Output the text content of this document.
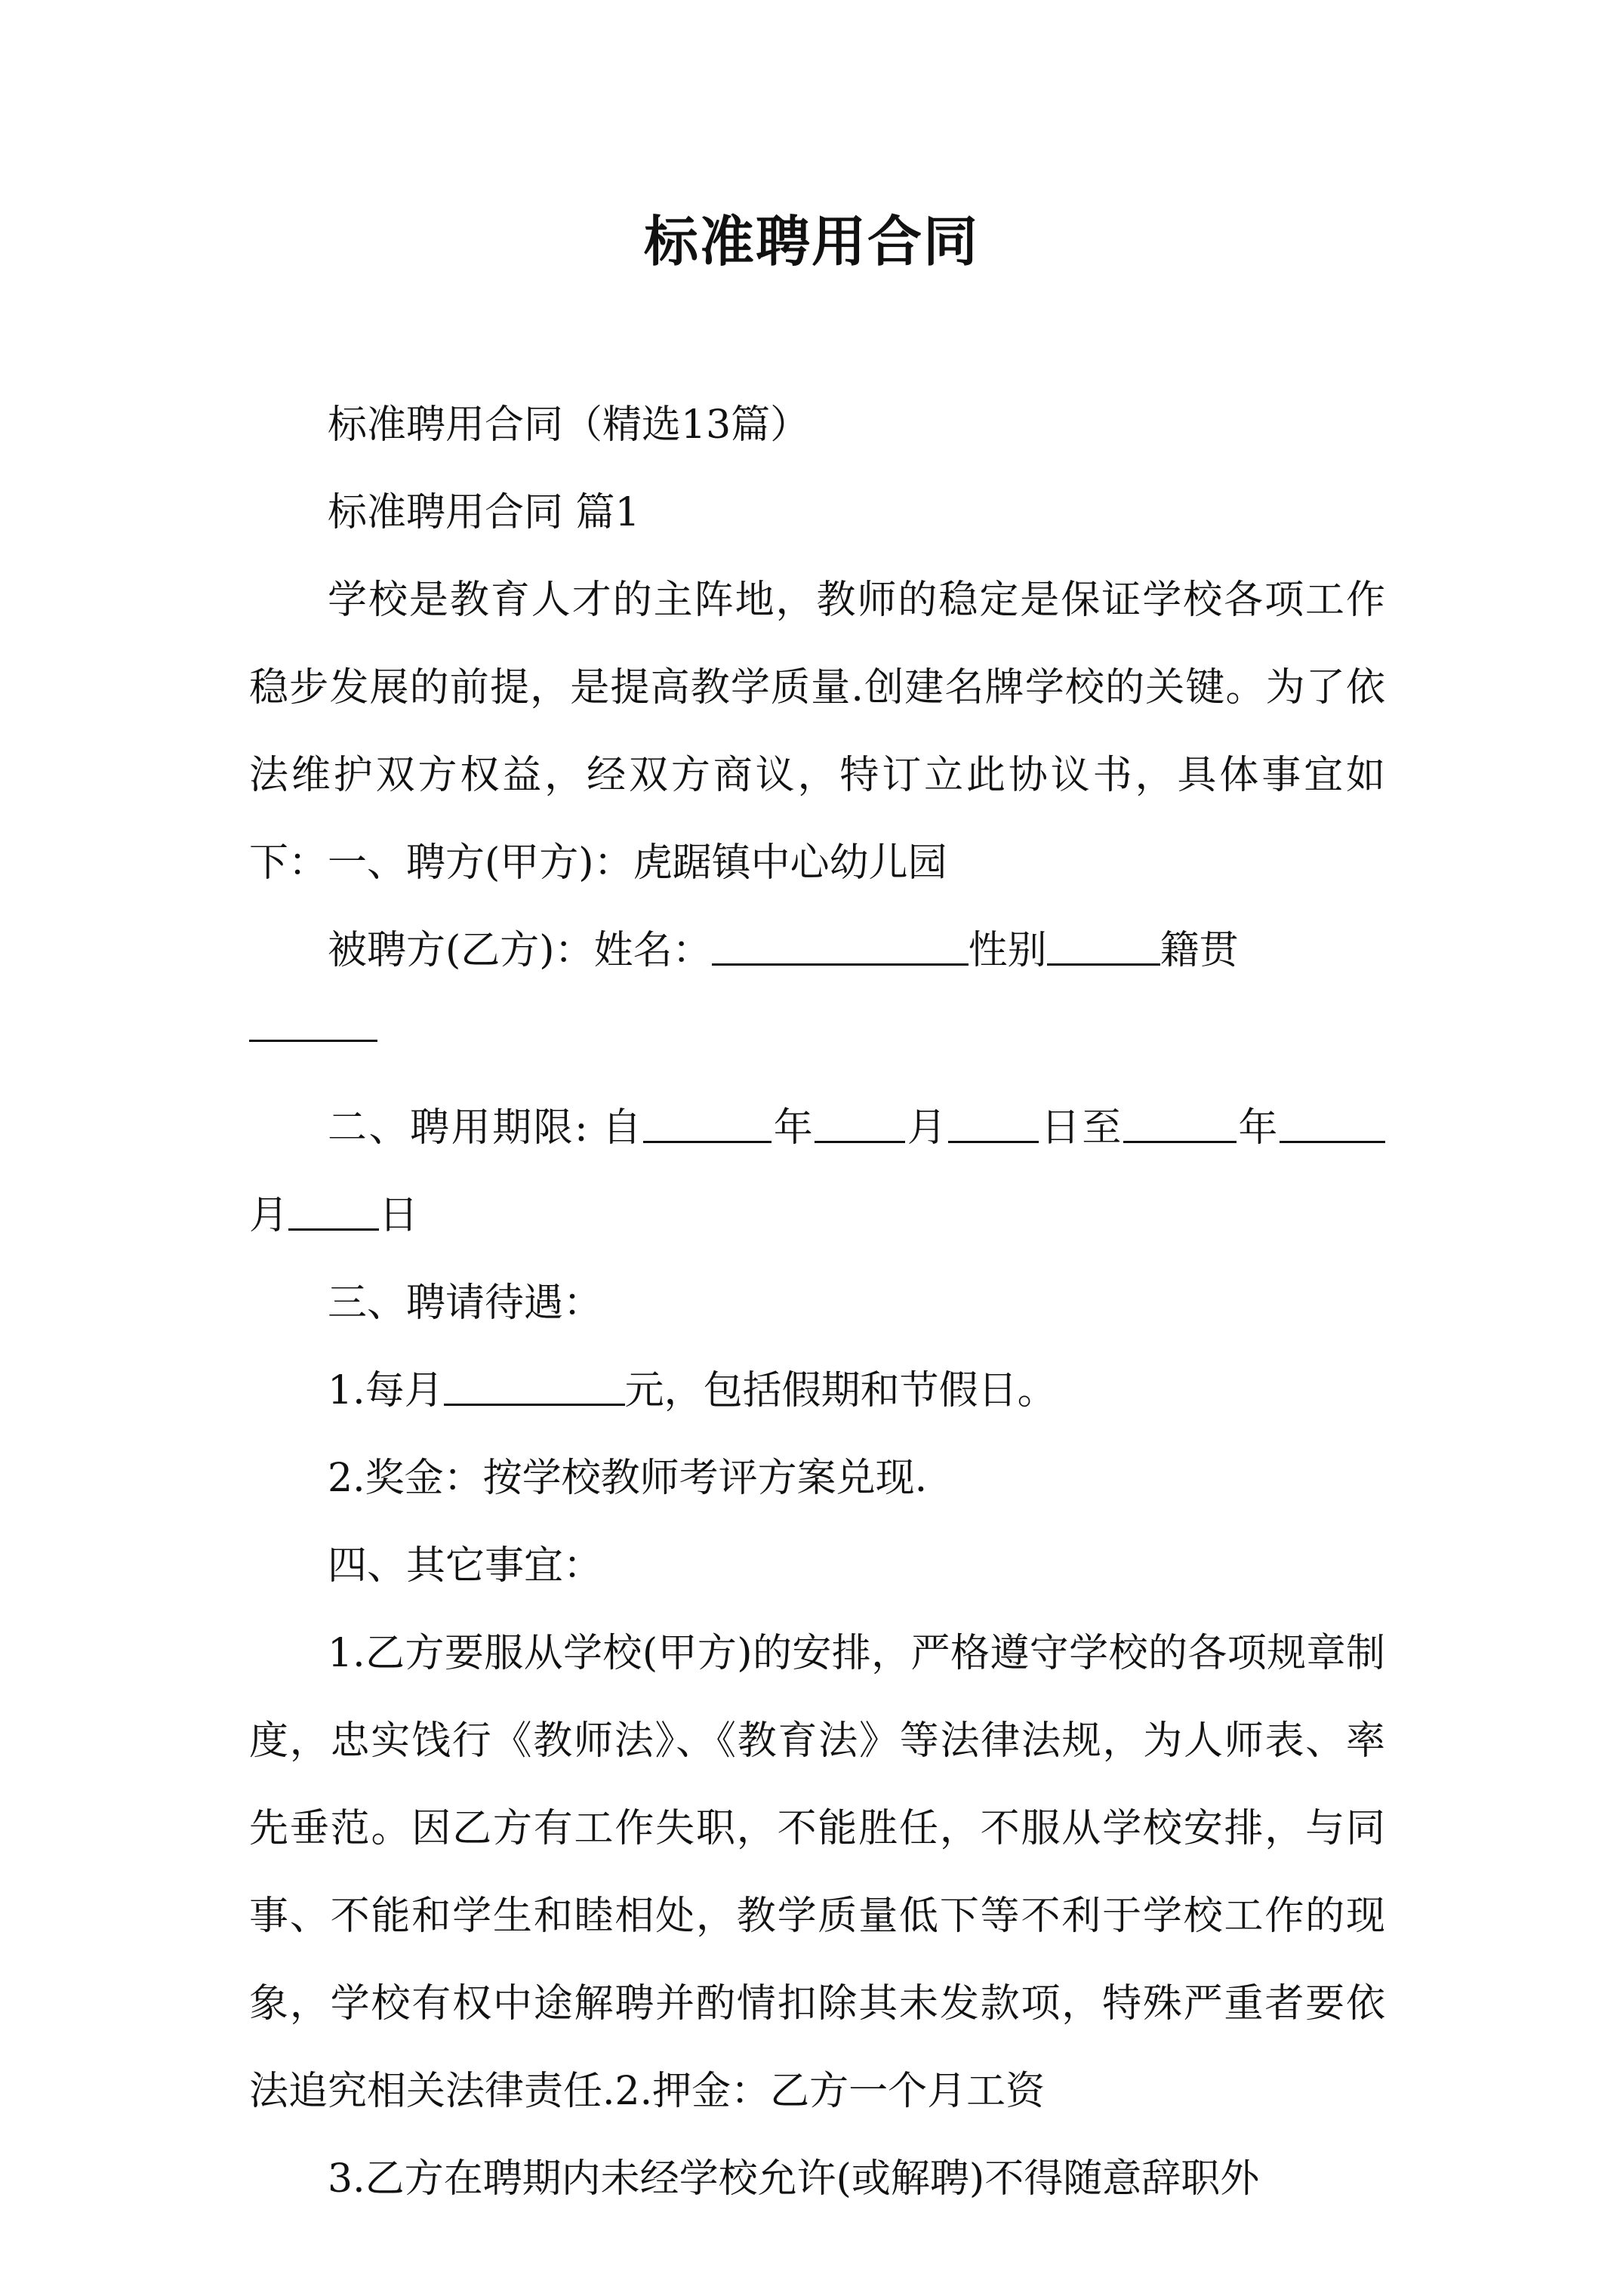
标准聘用合同

标准聘用合同（精选13篇）

标准聘用合同 篇1

学校是教育人才的主阵地，教师的稳定是保证学校各项工作稳步发展的前提，是提高教学质量.创建名牌学校的关键。为了依法维护双方权益，经双方商议，特订立此协议书，具体事宜如下：一、聘方(甲方)：虎踞镇中心幼儿园

被聘方(乙方)：姓名：	性别	籍贯

二、聘用期限: 自	年 月 日至	年月 日

三、聘请待遇：

1.每月	元，包括假期和节假日。

2.奖金：按学校教师考评方案兑现.

四、其它事宜：

1.乙方要服从学校(甲方)的安排，严格遵守学校的各项规章制度，忠实饯行《教师法》、《教育法》等法律法规，为人师表、率先垂范。因乙方有工作失职，不能胜任，不服从学校安排，与同事、不能和学生和睦相处，教学质量低下等不利于学校工作的现象，学校有权中途解聘并酌情扣除其未发款项，特殊严重者要依法追究相关法律责任.2.押金：乙方一个月工资

3.乙方在聘期内未经学校允许(或解聘)不得随意辞职外
